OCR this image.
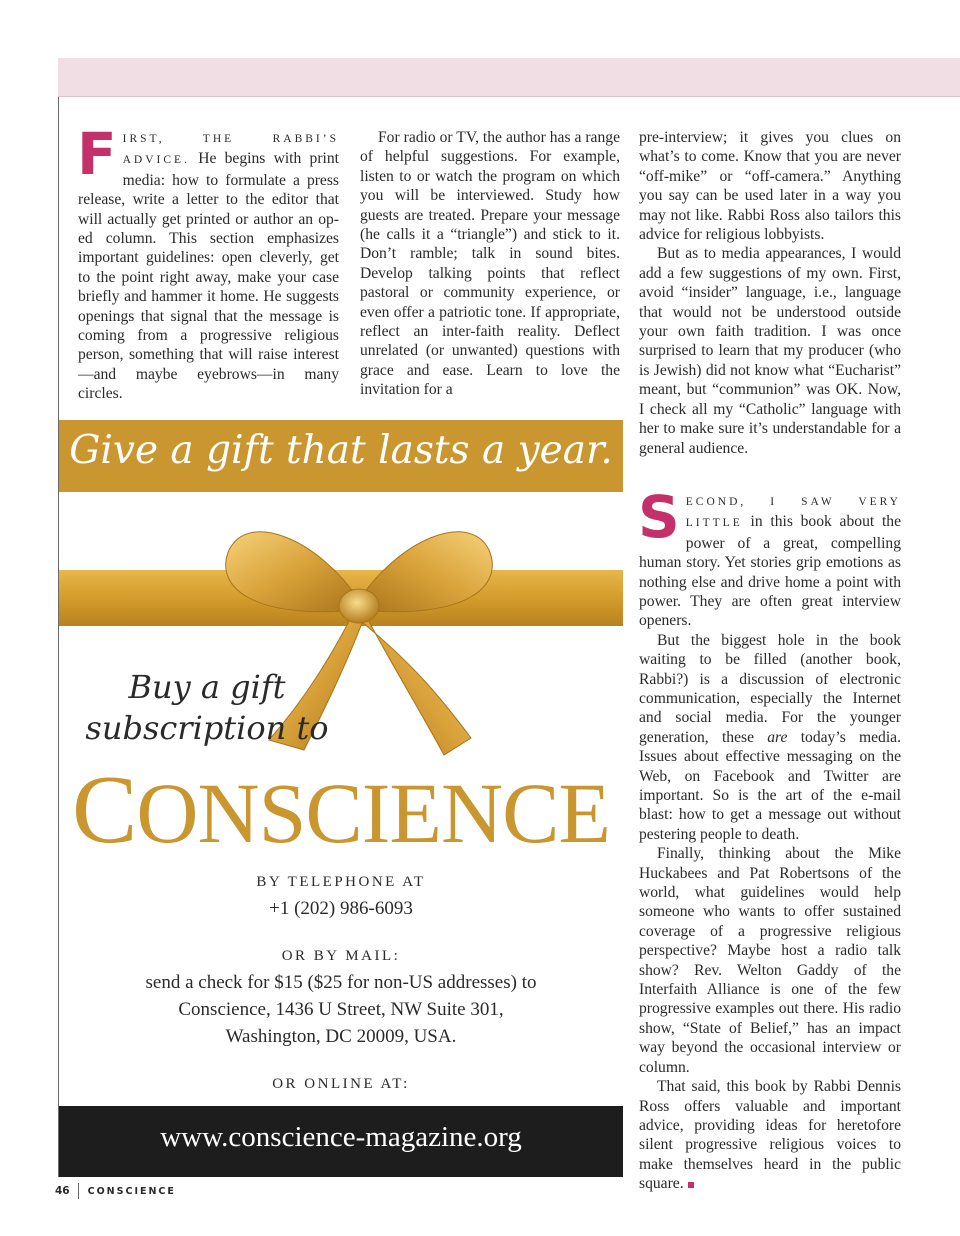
F IRST, THE RABBI’S ADVICE. He begins with print media: how to formulate a press release, write a letter to the editor that will actually get printed or author an op-ed column. This section emphasizes important guidelines: open cleverly, get to the point right away, make your case briefly and hammer it home. He suggests openings that signal that the message is coming from a progressive religious person, something that will raise interest—and maybe eyebrows—in many circles.

For radio or TV, the author has a range of helpful suggestions. For example, listen to or watch the program on which you will be interviewed. Study how guests are treated. Prepare your message (he calls it a “triangle”) and stick to it. Don’t ramble; talk in sound bites. Develop talking points that reflect pastoral or community experience, or even offer a patriotic tone. If appropriate, reflect an inter-faith reality. Deflect unrelated (or unwanted) questions with grace and ease. Learn to love the invitation for a

pre-interview; it gives you clues on what’s to come. Know that you are never “off-mike” or “off-camera.” Anything you say can be used later in a way you may not like. Rabbi Ross also tailors this advice for religious lobbyists.

But as to media appearances, I would add a few suggestions of my own. First, avoid “insider” language, i.e., language that would not be understood outside your own faith tradition. I was once surprised to learn that my producer (who is Jewish) did not know what “Eucharist” meant, but “communion” was OK. Now, I check all my “Catholic” language with her to make sure it’s understandable for a general audience.

S ECOND, I SAW VERY LITTLE in this book about the power of a great, compelling human story. Yet stories grip emotions as nothing else and drive home a point with power. They are often great interview openers.

But the biggest hole in the book waiting to be filled (another book, Rabbi?) is a discussion of electronic communication, especially the Internet and social media. For the younger generation, these are today’s media. Issues about effective messaging on the Web, on Facebook and Twitter are important. So is the art of the e-mail blast: how to get a message out without pestering people to death.

Finally, thinking about the Mike Huckabees and Pat Robertsons of the world, what guidelines would help someone who wants to offer sustained coverage of a progressive religious perspective? Maybe host a radio talk show? Rev. Welton Gaddy of the Interfaith Alliance is one of the few progressive examples out there. His radio show, “State of Belief,” has an impact way beyond the occasional interview or column.

That said, this book by Rabbi Dennis Ross offers valuable and important advice, providing ideas for heretofore silent progressive religious voices to make themselves heard in the public square.

Give a gift that lasts a year.
Buy a gift
subscription to
CONSCIENCE
BY TELEPHONE AT
+1 (202) 986-6093
OR BY MAIL:
send a check for $15 ($25 for non-US addresses) to
Conscience, 1436 U Street, NW Suite 301,
Washington, DC 20009, USA.
OR ONLINE AT:
www.conscience-magazine.org
46	CONSCIENCE
